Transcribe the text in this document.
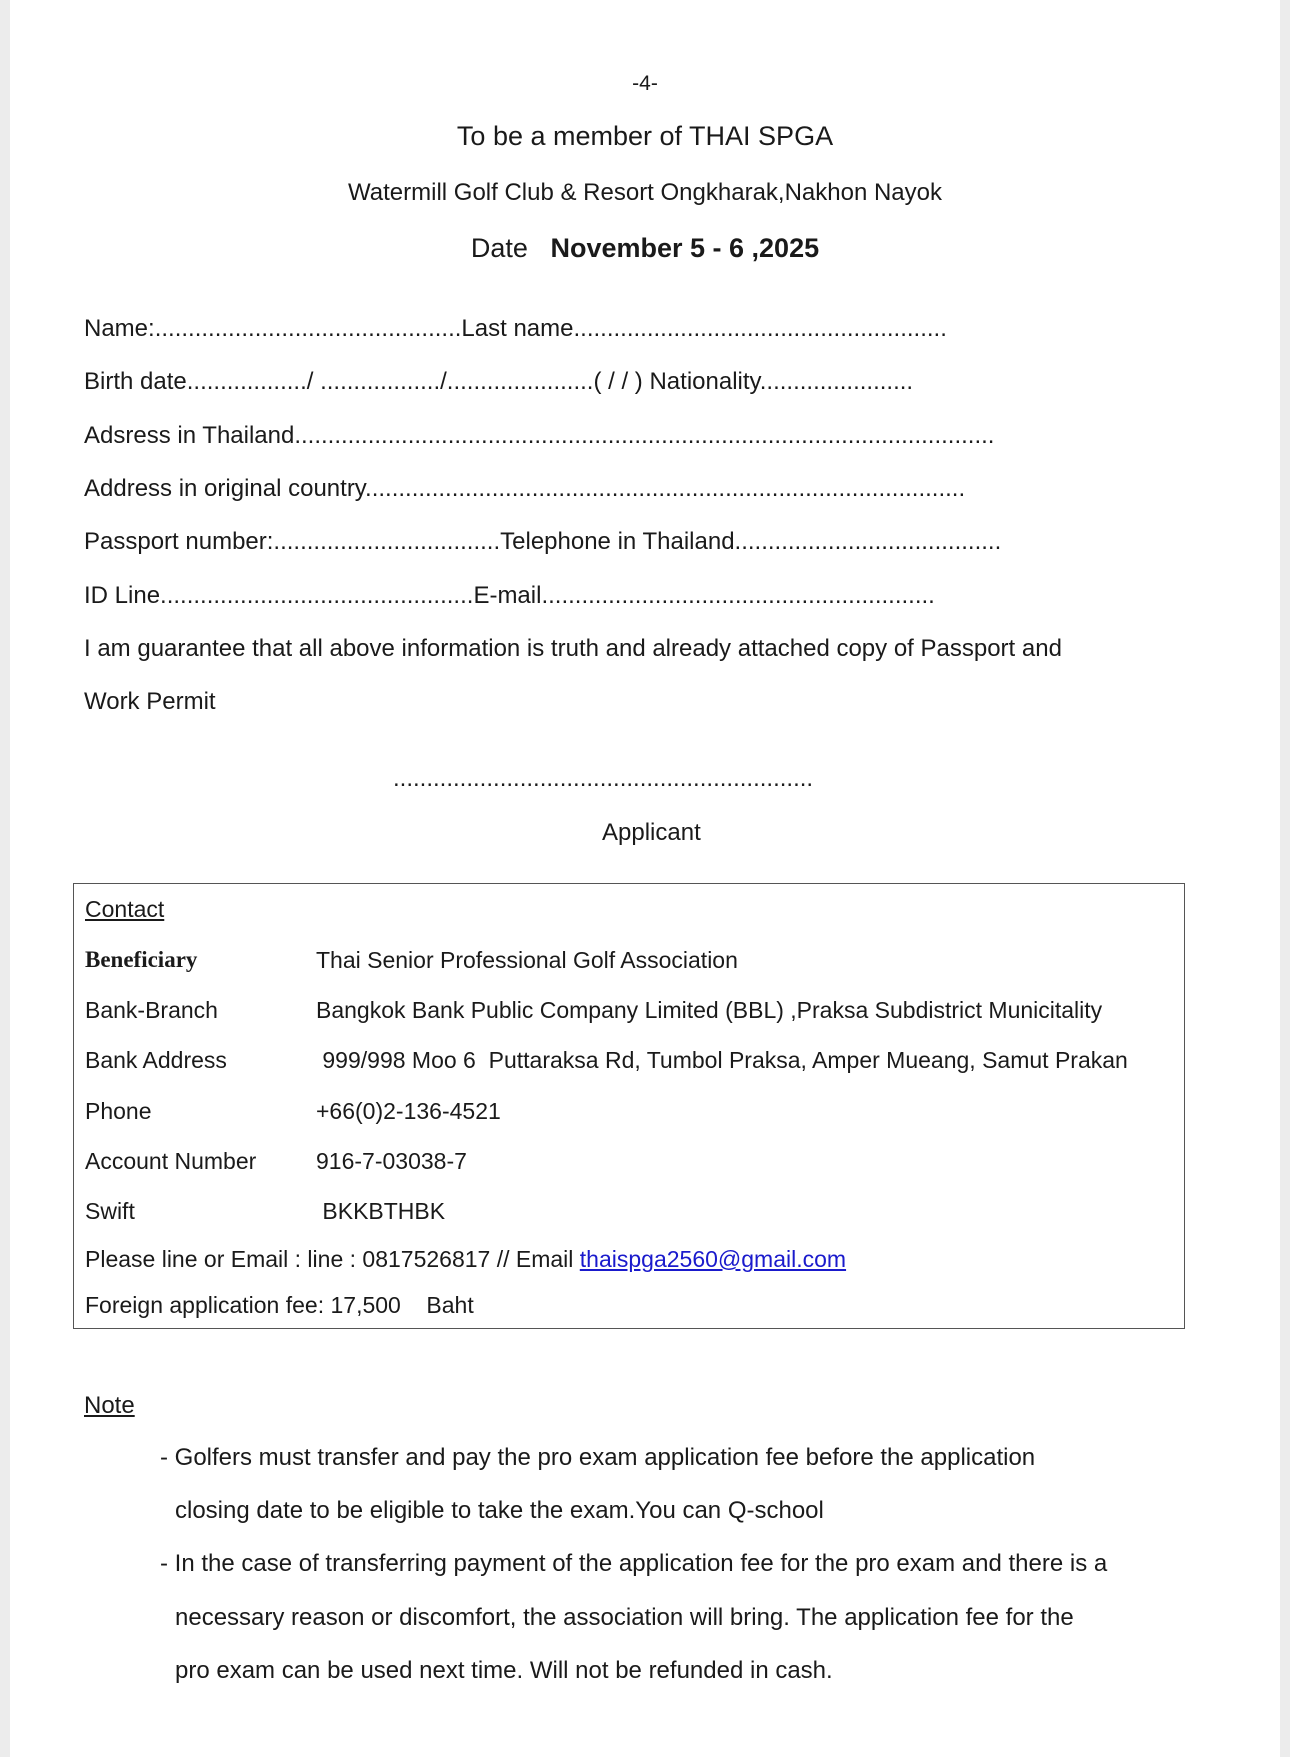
-4-
To be a member of THAI SPGA
Watermill Golf Club & Resort Ongkharak,Nakhon Nayok
Date November 5 - 6 ,2025
Name:..............................................Last name........................................................
Birth date................../ ................../......................( / / ) Nationality.......................
Adsress in Thailand.........................................................................................................
Address in original country..........................................................................................
Passport number:..................................Telephone in Thailand........................................
ID Line...............................................E-mail...........................................................
I am guarantee that all above information is truth and already attached copy of Passport and
Work Permit
...............................................................
Applicant
Contact
Beneficiary	Thai Senior Professional Golf Association
Bank-Branch	Bangkok Bank Public Company Limited (BBL) ,Praksa Subdistrict Municitality
Bank Address	999/998 Moo 6  Puttaraksa Rd, Tumbol Praksa, Amper Mueang, Samut Prakan
Phone	+66(0)2-136-4521
Account Number	916-7-03038-7
Swift	BKKBTHBK
Please line or Email : line : 0817526817 // Email thaispga2560@gmail.com
Foreign application fee: 17,500    Baht
Note
- Golfers must transfer and pay the pro exam application fee before the application
closing date to be eligible to take the exam.You can Q-school
- In the case of transferring payment of the application fee for the pro exam and there is a
necessary reason or discomfort, the association will bring. The application fee for the
pro exam can be used next time. Will not be refunded in cash.
